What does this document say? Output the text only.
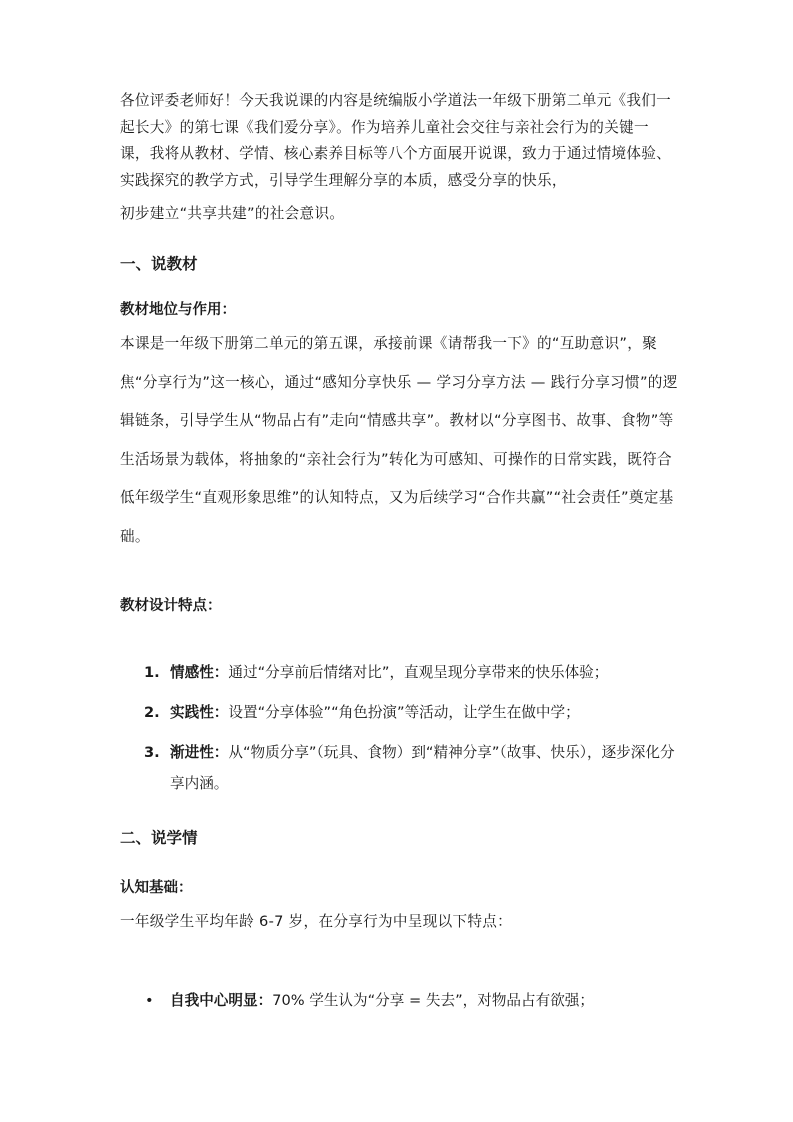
各位评委老师好！今天我说课的内容是统编版小学道法一年级下册第二单元《我们一起长大》的第七课《我们爱分享》。作为培养儿童社会交往与亲社会行为的关键一课，我将从教材、学情、核心素养目标等八个方面展开说课，致力于通过情境体验、实践探究的教学方式，引导学生理解分享的本质，感受分享的快乐，
初步建立“共享共建”的社会意识。

一、说教材
教材地位与作用：

本课是一年级下册第二单元的第五课，承接前课《请帮我一下》的“互助意识”，聚焦“分享行为”这一核心，通过“感知分享快乐 — 学习分享方法 — 践行分享习惯”的逻辑链条，引导学生从“物品占有”走向“情感共享”。教材以“分享图书、故事、食物”等生活场景为载体，将抽象的“亲社会行为”转化为可感知、可操作的日常实践，既符合低年级学生“直观形象思维”的认知特点，又为后续学习“合作共赢”“社会责任”奠定基础。

教材设计特点：
1. 情感性：通过“分享前后情绪对比”，直观呈现分享带来的快乐体验；
2. 实践性：设置“分享体验”“角色扮演”等活动，让学生在做中学；
3. 渐进性：从“物质分享”（玩具、食物）到“精神分享”（故事、快乐），逐步深化分享内涵。
二、说学情
认知基础：

一年级学生平均年龄 6-7 岁，在分享行为中呈现以下特点：

• 自我中心明显：70% 学生认为“分享 = 失去”，对物品占有欲强；
